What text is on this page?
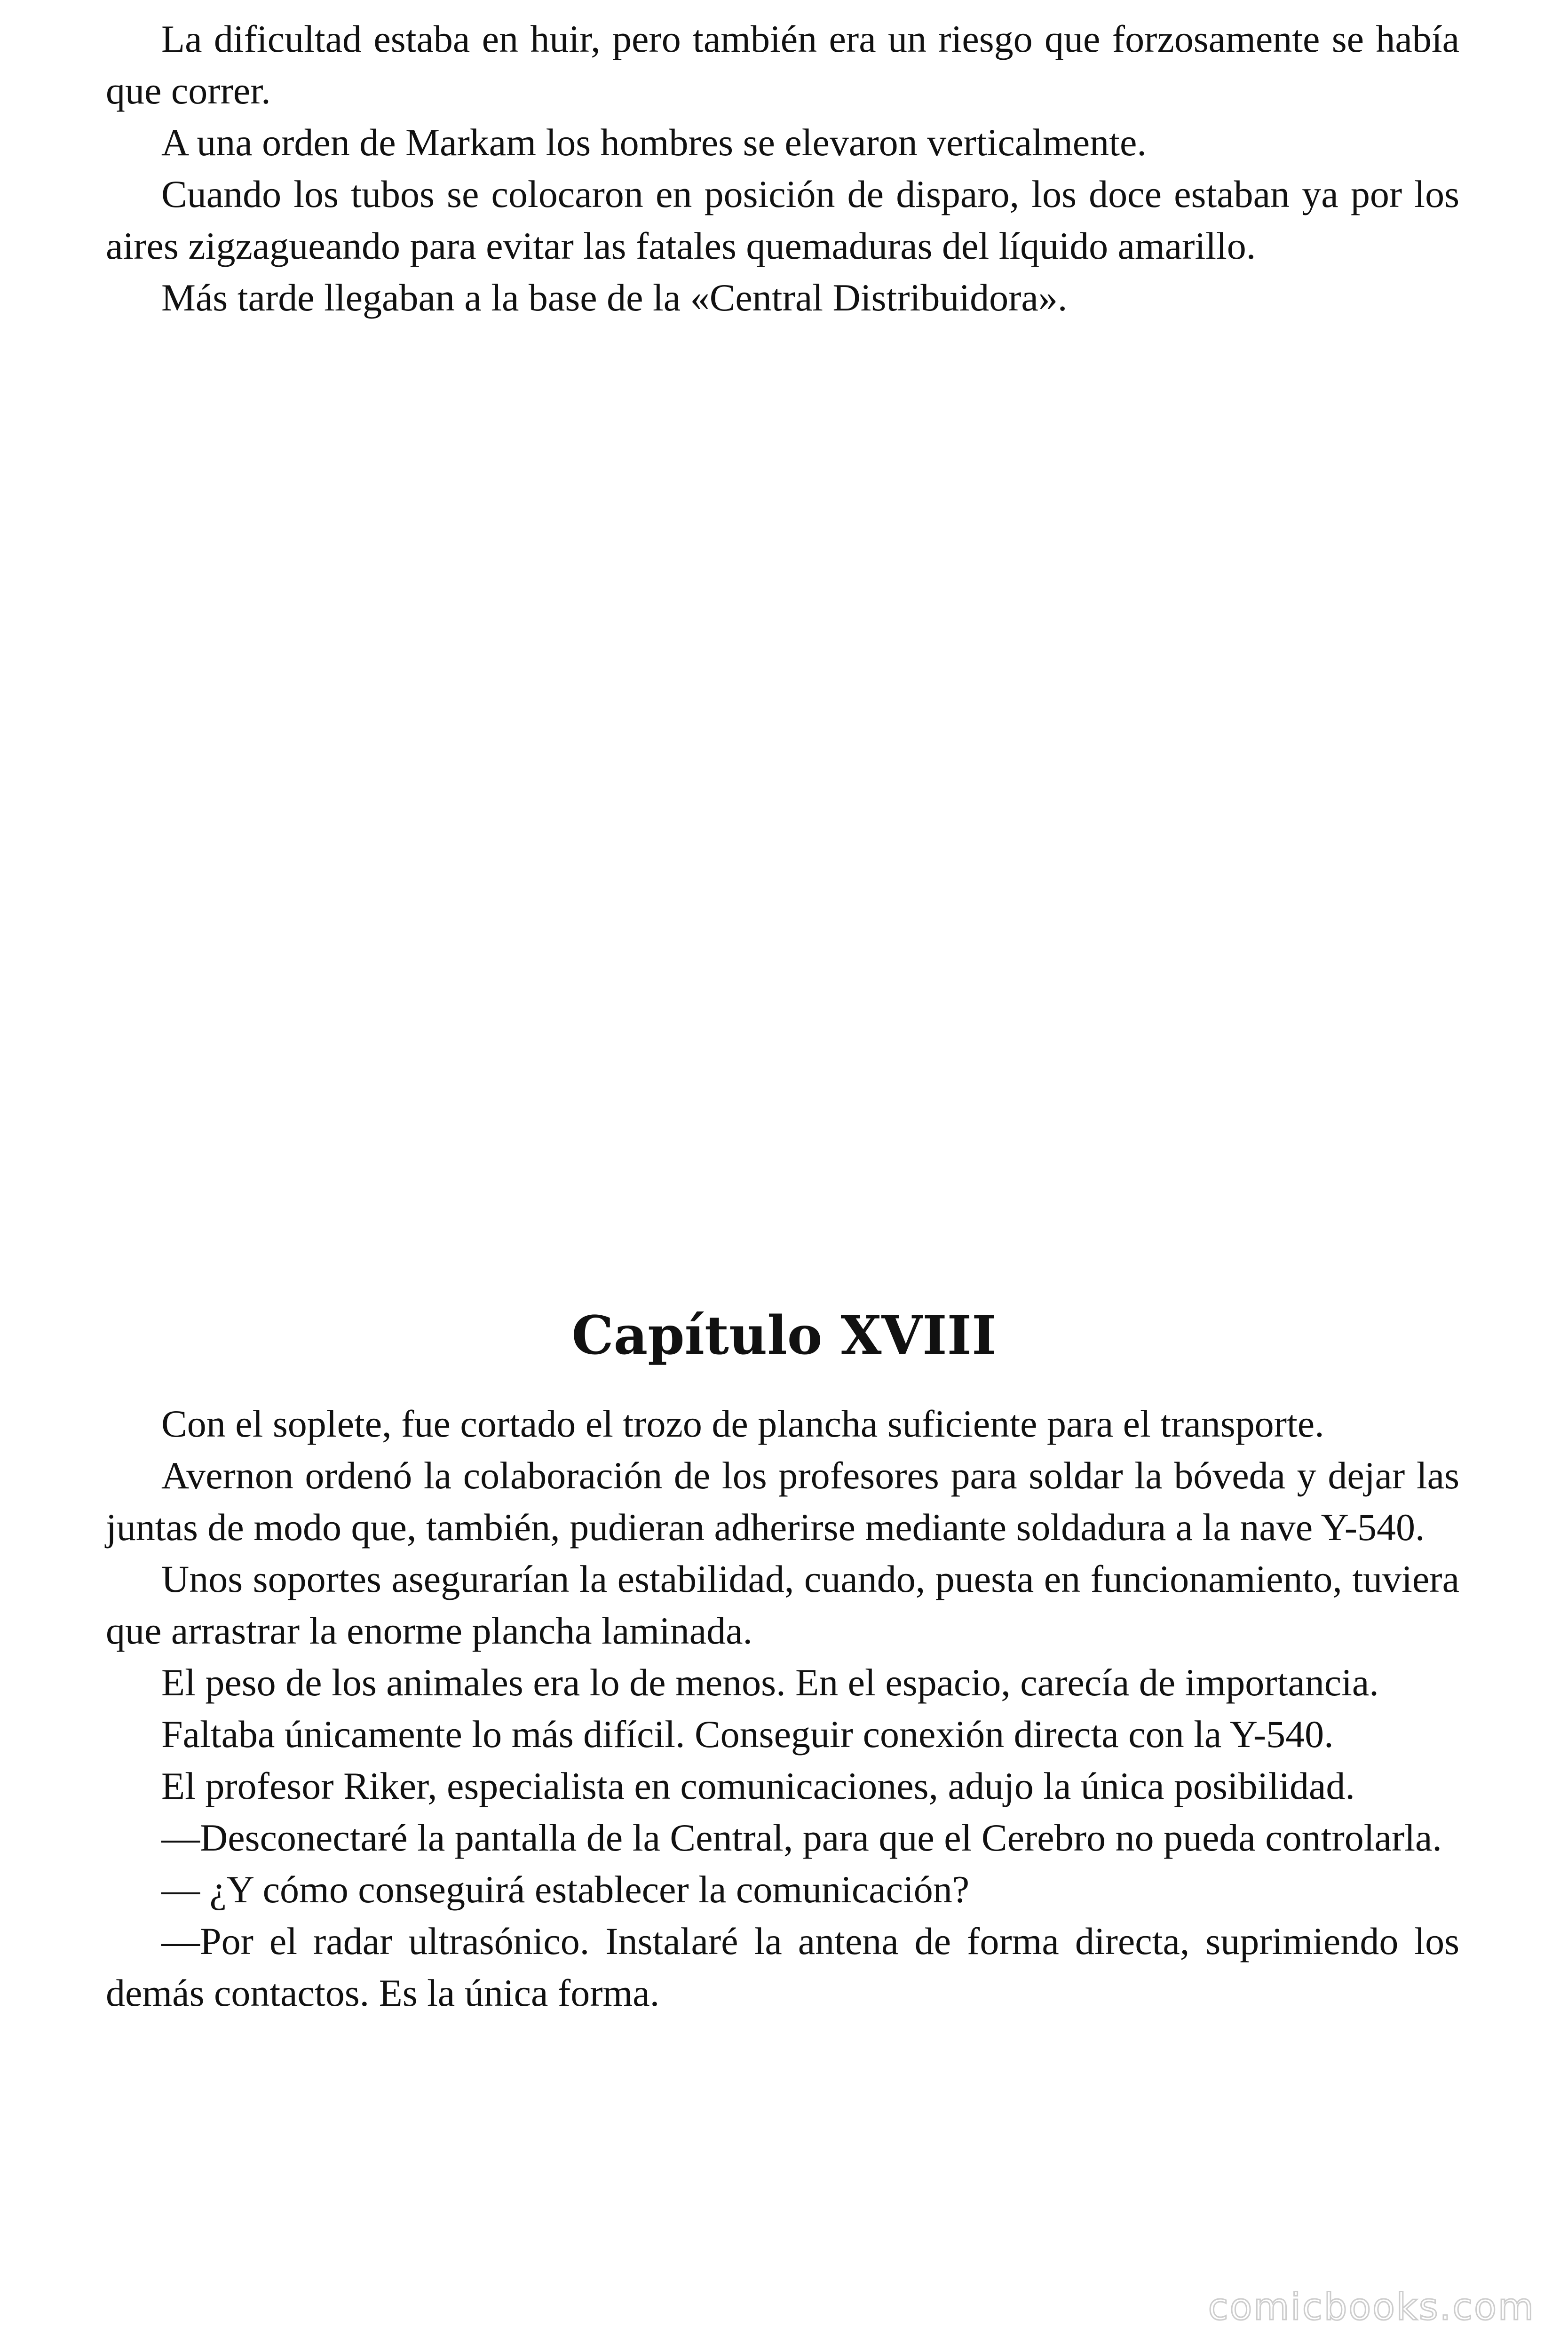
La dificultad estaba en huir, pero también era un riesgo que forzosamente se había que correr.

A una orden de Markam los hombres se elevaron verticalmente.

Cuando los tubos se colocaron en posición de disparo, los doce estaban ya por los aires zigzagueando para evitar las fatales quemaduras del líquido amarillo.

Más tarde llegaban a la base de la «Central Distribuidora».

Capítulo XVIII

Con el soplete, fue cortado el trozo de plancha suficiente para el transporte.

Avernon ordenó la colaboración de los profesores para soldar la bóveda y dejar las juntas de modo que, también, pudieran adherirse mediante soldadura a la nave Y-540.

Unos soportes asegurarían la estabilidad, cuando, puesta en funcionamiento, tuviera que arrastrar la enorme plancha laminada.

El peso de los animales era lo de menos. En el espacio, carecía de importancia.

Faltaba únicamente lo más difícil. Conseguir conexión directa con la Y-540.

El profesor Riker, especialista en comunicaciones, adujo la única posibilidad.

—Desconectaré la pantalla de la Central, para que el Cerebro no pueda controlarla.

— ¿Y cómo conseguirá establecer la comunicación?

—Por el radar ultrasónico. Instalaré la antena de forma directa, suprimiendo los demás contactos. Es la única forma.

comicbooks.com
